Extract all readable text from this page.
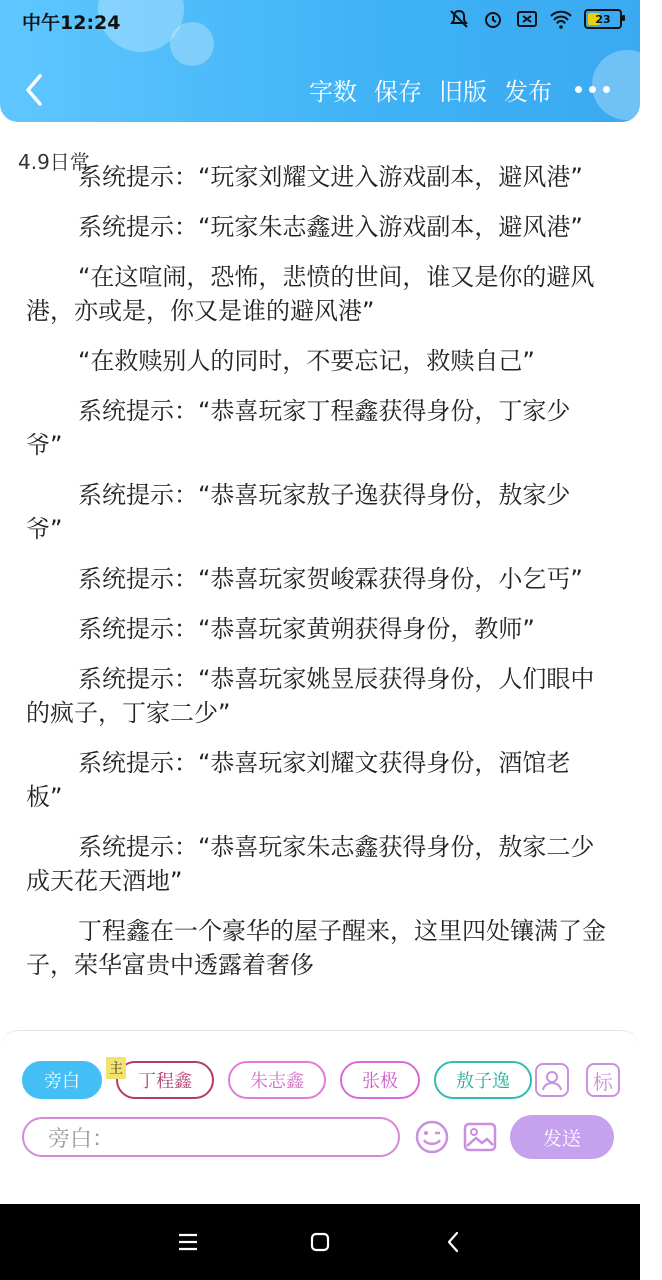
中午12:24	23
字数 保存 旧版 发布
4.9日常

系统提示：“玩家刘耀文进入游戏副本，避风港”

系统提示：“玩家朱志鑫进入游戏副本，避风港”

“在这喧闹，恐怖，悲愤的世间，谁又是你的避风港，亦或是，你又是谁的避风港”

“在救赎别人的同时，不要忘记，救赎自己”

系统提示：“恭喜玩家丁程鑫获得身份，丁家少爷”

系统提示：“恭喜玩家敖子逸获得身份，敖家少爷”

系统提示：“恭喜玩家贺峻霖获得身份，小乞丐”

系统提示：“恭喜玩家黄朔获得身份，教师”

系统提示：“恭喜玩家姚昱辰获得身份，人们眼中的疯子，丁家二少”

系统提示：“恭喜玩家刘耀文获得身份，酒馆老板”

系统提示：“恭喜玩家朱志鑫获得身份，敖家二少成天花天酒地”

丁程鑫在一个豪华的屋子醒来，这里四处镶满了金子，荣华富贵中透露着奢侈

旁白
主
丁程鑫	朱志鑫	张极	敖子逸	标
旁白：	发送
